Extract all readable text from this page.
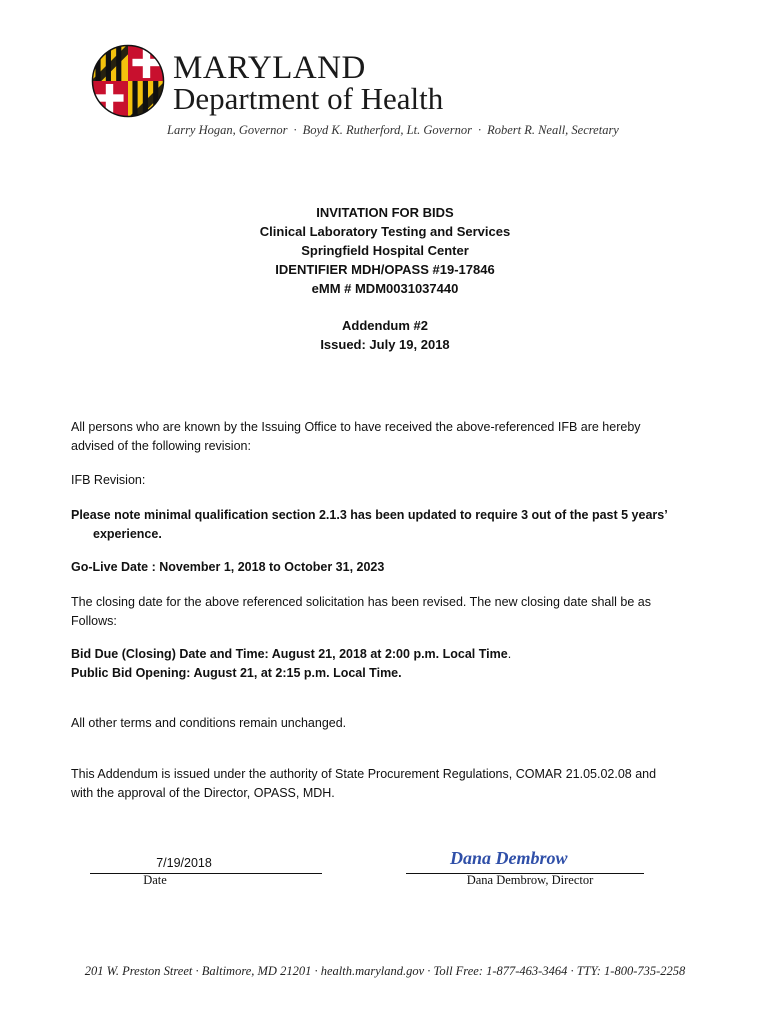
MARYLAND
Department of Health
Larry Hogan, Governor · Boyd K. Rutherford, Lt. Governor · Robert R. Neall, Secretary
INVITATION FOR BIDS
Clinical Laboratory Testing and Services
Springfield Hospital Center
IDENTIFIER MDH/OPASS #19-17846
eMM # MDM0031037440
Addendum #2
Issued: July 19, 2018
All persons who are known by the Issuing Office to have received the above-referenced IFB are hereby
advised of the following revision:
IFB Revision:
Please note minimal qualification section 2.1.3 has been updated to require 3 out of the past 5 years’
experience.
Go-Live Date : November 1, 2018 to October 31, 2023
The closing date for the above referenced solicitation has been revised. The new closing date shall be as
Follows:
Bid Due (Closing) Date and Time: August 21, 2018 at 2:00 p.m. Local Time.
Public Bid Opening: August 21, at 2:15 p.m. Local Time.
All other terms and conditions remain unchanged.
This Addendum is issued under the authority of State Procurement Regulations, COMAR 21.05.02.08 and
with the approval of the Director, OPASS, MDH.
7/19/2018
Date
Dana Dembrow
Dana Dembrow, Director
201 W. Preston Street · Baltimore, MD 21201 · health.maryland.gov · Toll Free: 1-877-463-3464 · TTY: 1-800-735-2258
